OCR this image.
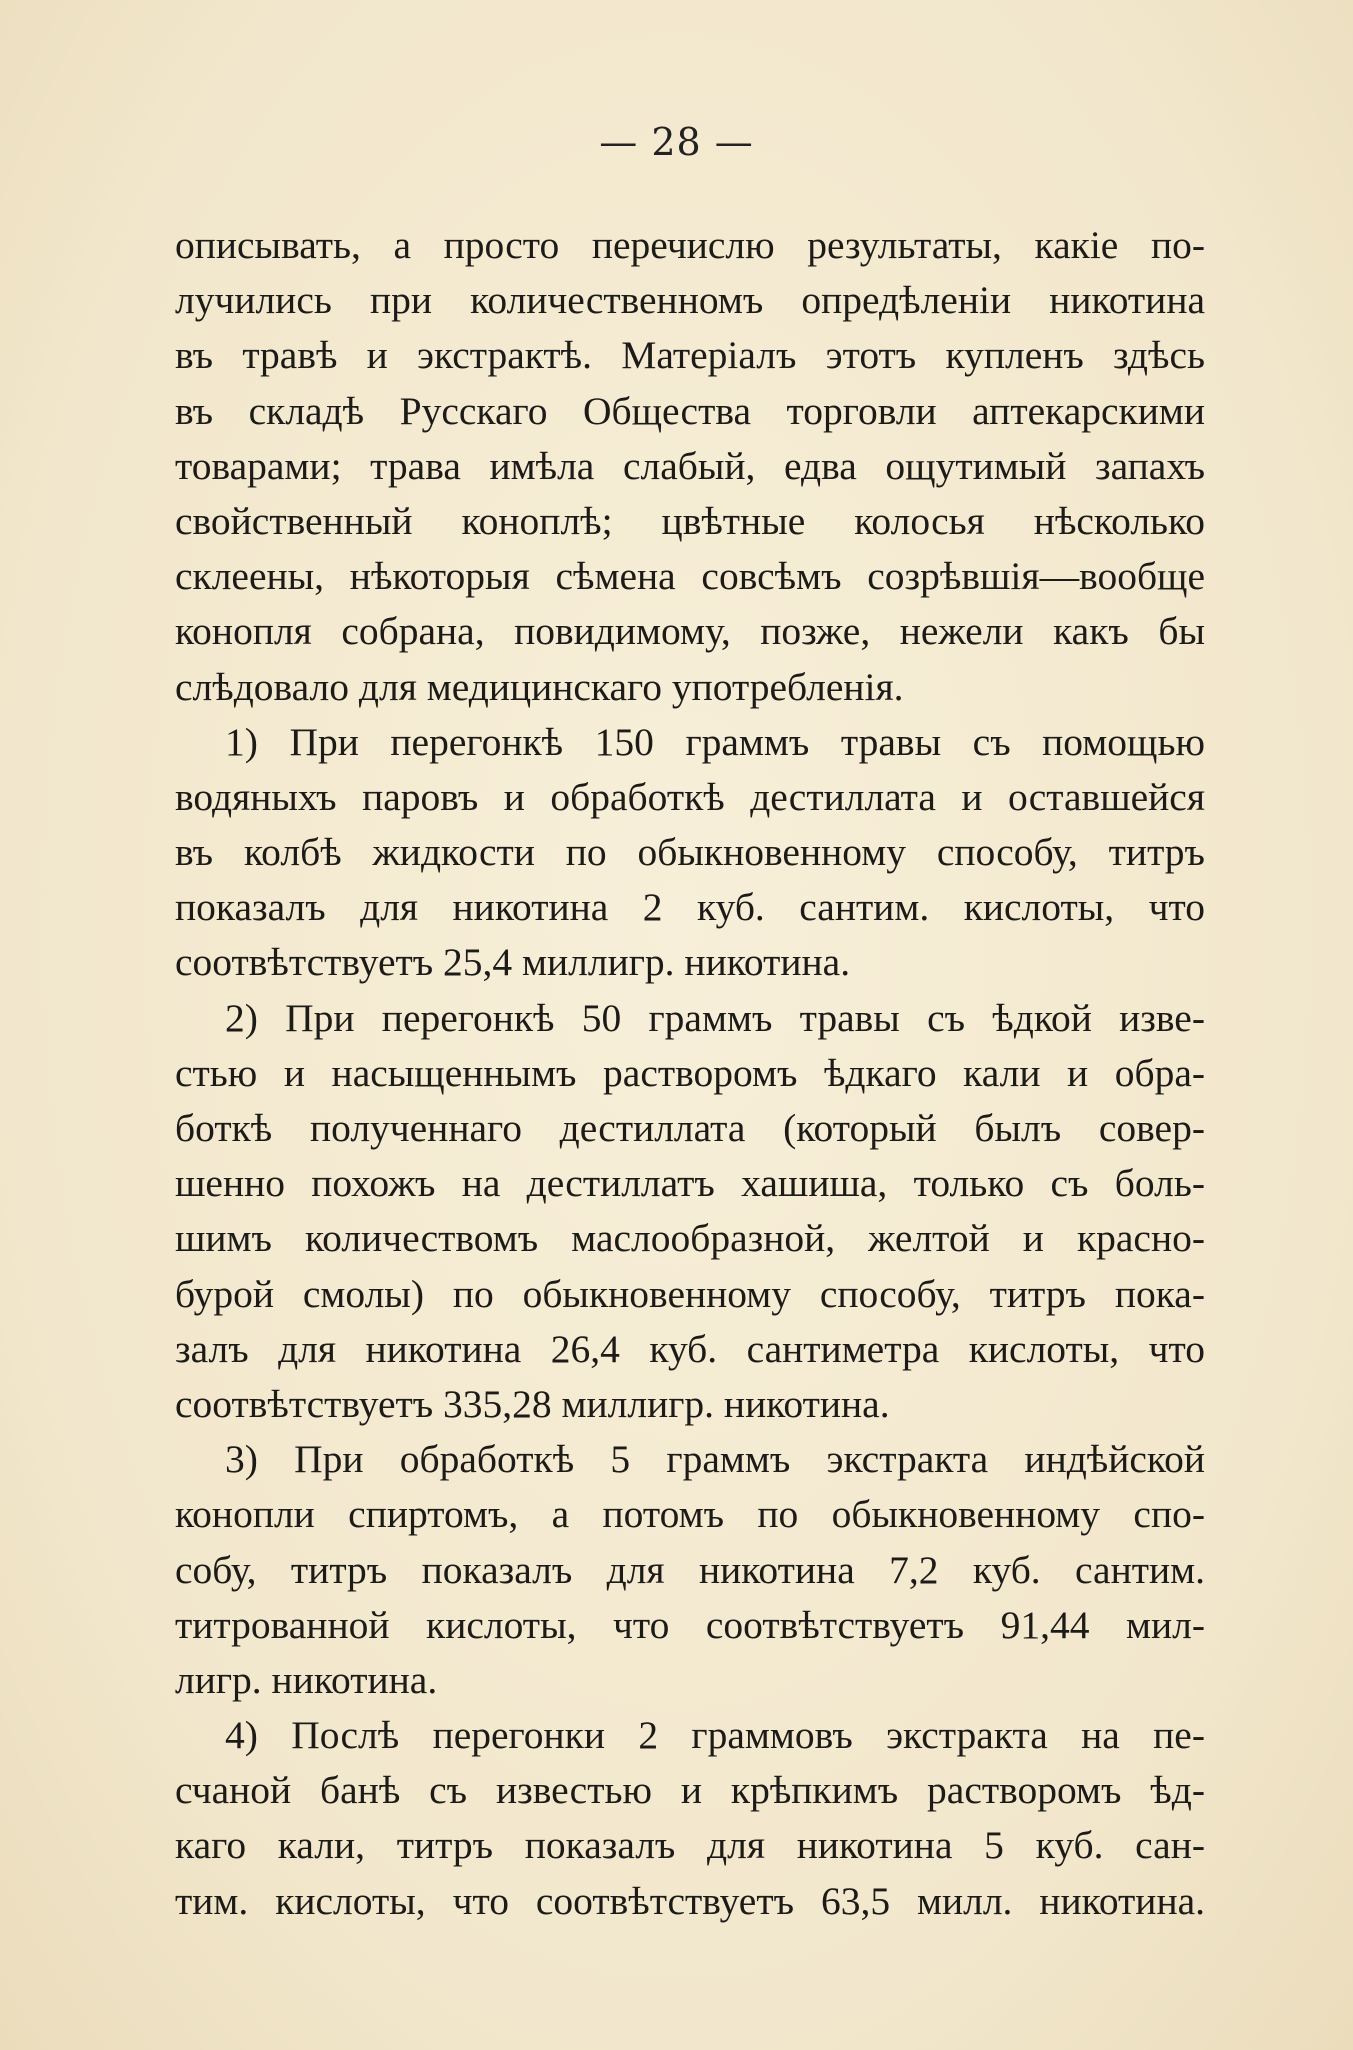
— 28 —
описывать, а просто перечислю результаты, какіе по-
лучились при количественномъ опредѣленіи никотина
въ травѣ и экстрактѣ. Матеріалъ этотъ купленъ здѣсь
въ складѣ Русскаго Общества торговли аптекарскими
товарами; трава имѣла слабый, едва ощутимый запахъ
свойственный коноплѣ; цвѣтные колосья нѣсколько
склеены, нѣкоторыя сѣмена совсѣмъ созрѣвшія—вообще
конопля собрана, повидимому, позже, нежели какъ бы
слѣдовало для медицинскаго употребленія.
1) При перегонкѣ 150 граммъ травы съ помощью
водяныхъ паровъ и обработкѣ дестиллата и оставшейся
въ колбѣ жидкости по обыкновенному способу, титръ
показалъ для никотина 2 куб. сантим. кислоты, что
соотвѣтствуетъ 25,4 миллигр. никотина.
2) При перегонкѣ 50 граммъ травы съ ѣдкой изве-
стью и насыщеннымъ растворомъ ѣдкаго кали и обра-
боткѣ полученнаго дестиллата (который былъ совер-
шенно похожъ на дестиллатъ хашиша, только съ боль-
шимъ количествомъ маслообразной, желтой и красно-
бурой смолы) по обыкновенному способу, титръ пока-
залъ для никотина 26,4 куб. сантиметра кислоты, что
соотвѣтствуетъ 335,28 миллигр. никотина.
3) При обработкѣ 5 граммъ экстракта индѣйской
конопли спиртомъ, а потомъ по обыкновенному спо-
собу, титръ показалъ для никотина 7,2 куб. сантим.
титрованной кислоты, что соотвѣтствуетъ 91,44 мил-
лигр. никотина.
4) Послѣ перегонки 2 граммовъ экстракта на пе-
счаной банѣ съ известью и крѣпкимъ растворомъ ѣд-
каго кали, титръ показалъ для никотина 5 куб. сан-
тим. кислоты, что соотвѣтствуетъ 63,5 милл. никотина.
